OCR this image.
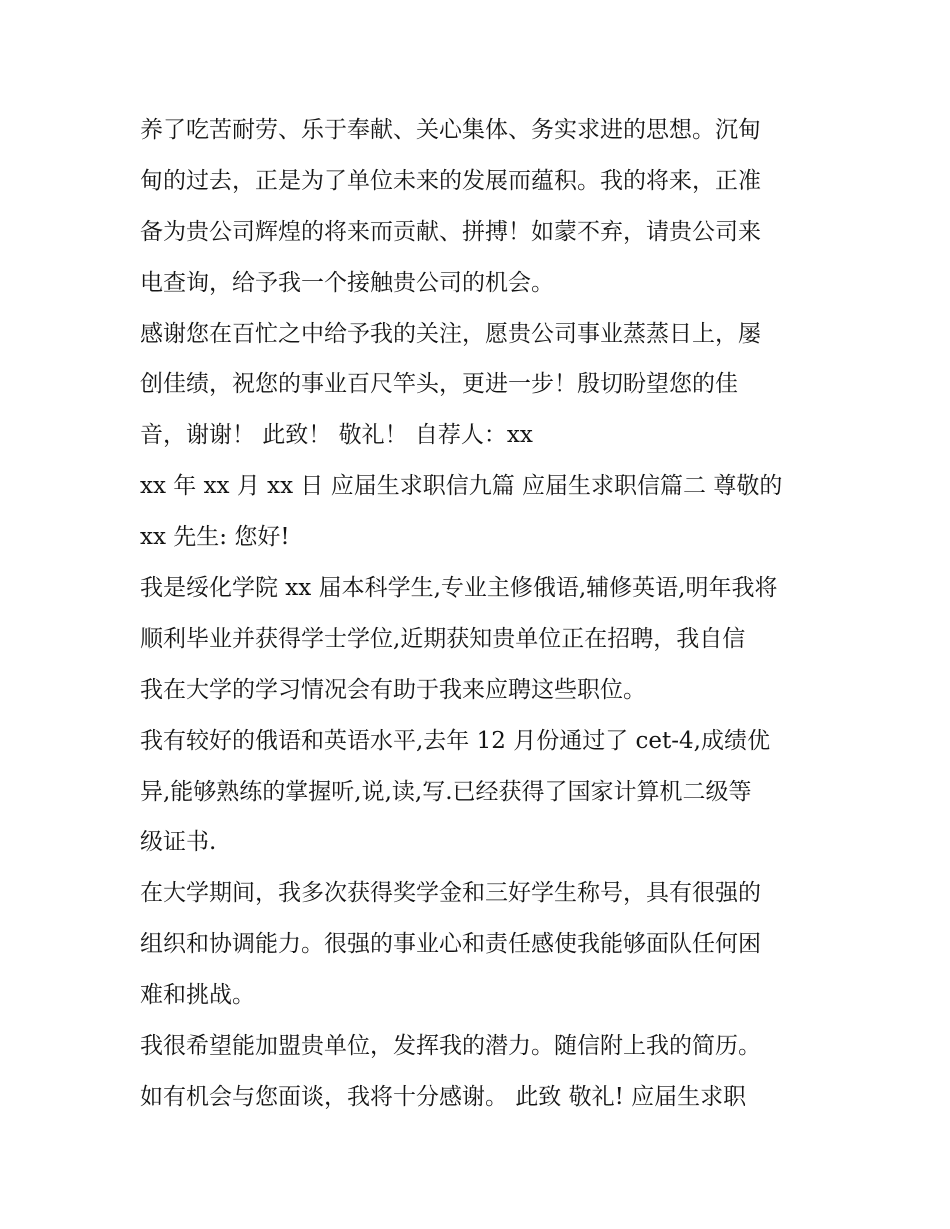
养了吃苦耐劳、乐于奉献、关心集体、务实求进的思想。沉甸
甸的过去，正是为了单位未来的发展而蕴积。我的将来，正准
备为贵公司辉煌的将来而贡献、拼搏！如蒙不弃，请贵公司来
电查询，给予我一个接触贵公司的机会。
感谢您在百忙之中给予我的关注，愿贵公司事业蒸蒸日上，屡
创佳绩，祝您的事业百尺竿头，更进一步！殷切盼望您的佳
音，谢谢！ 此致！ 敬礼！ 自荐人：xx
xx 年 xx 月 xx 日 应届生求职信九篇 应届生求职信篇二 尊敬的
xx 先生: 您好!
我是绥化学院 xx 届本科学生,专业主修俄语,辅修英语,明年我将
顺利毕业并获得学士学位,近期获知贵单位正在招聘，我自信
我在大学的学习情况会有助于我来应聘这些职位。
我有较好的俄语和英语水平,去年 12 月份通过了 cet-4,成绩优
异,能够熟练的掌握听,说,读,写.已经获得了国家计算机二级等
级证书.
在大学期间，我多次获得奖学金和三好学生称号，具有很强的
组织和协调能力。很强的事业心和责任感使我能够面队任何困
难和挑战。
我很希望能加盟贵单位，发挥我的潜力。随信附上我的简历。
如有机会与您面谈，我将十分感谢。 此致 敬礼! 应届生求职
